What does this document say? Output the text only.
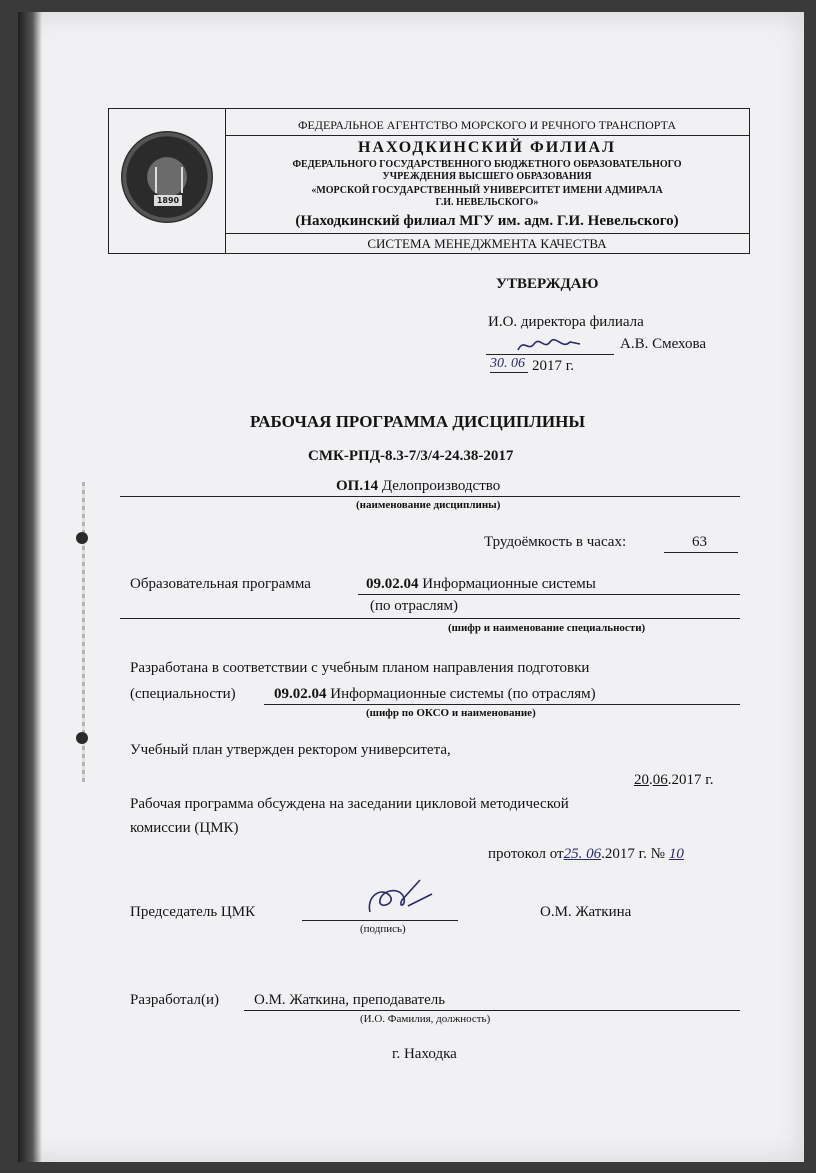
1890
ФЕДЕРАЛЬНОЕ АГЕНТСТВО МОРСКОГО И РЕЧНОГО ТРАНСПОРТА
НАХОДКИНСКИЙ ФИЛИАЛ
ФЕДЕРАЛЬНОГО ГОСУДАРСТВЕННОГО БЮДЖЕТНОГО ОБРАЗОВАТЕЛЬНОГО
УЧРЕЖДЕНИЯ ВЫСШЕГО ОБРАЗОВАНИЯ
«МОРСКОЙ ГОСУДАРСТВЕННЫЙ УНИВЕРСИТЕТ ИМЕНИ АДМИРАЛА
Г.И. НЕВЕЛЬСКОГО»
(Находкинский филиал МГУ им. адм. Г.И. Невельского)
СИСТЕМА МЕНЕДЖМЕНТА КАЧЕСТВА
УТВЕРЖДАЮ
И.О. директора филиала
А.В. Смехова
30. 06 2017 г.
РАБОЧАЯ ПРОГРАММА ДИСЦИПЛИНЫ
СМК-РПД-8.3-7/3/4-24.38-2017
ОП.14 Делопроизводство
(наименование дисциплины)
Трудоёмкость в часах:	63
Образовательная программа	09.02.04 Информационные системы
(по отраслям)
(шифр и наименование специальности)
Разработана в соответствии с учебным планом направления подготовки
(специальности)	09.02.04 Информационные системы (по отраслям)
(шифр по ОКСО и наименование)
Учебный план утвержден ректором университета,
20.06.2017 г.
Рабочая программа обсуждена на заседании цикловой методической
комиссии (ЦМК)
протокол от25. 06.2017 г. № 10
Председатель ЦМК
(подпись)
О.М. Жаткина
Разработал(и) О.М. Жаткина, преподаватель
(И.О. Фамилия, должность)
г. Находка
